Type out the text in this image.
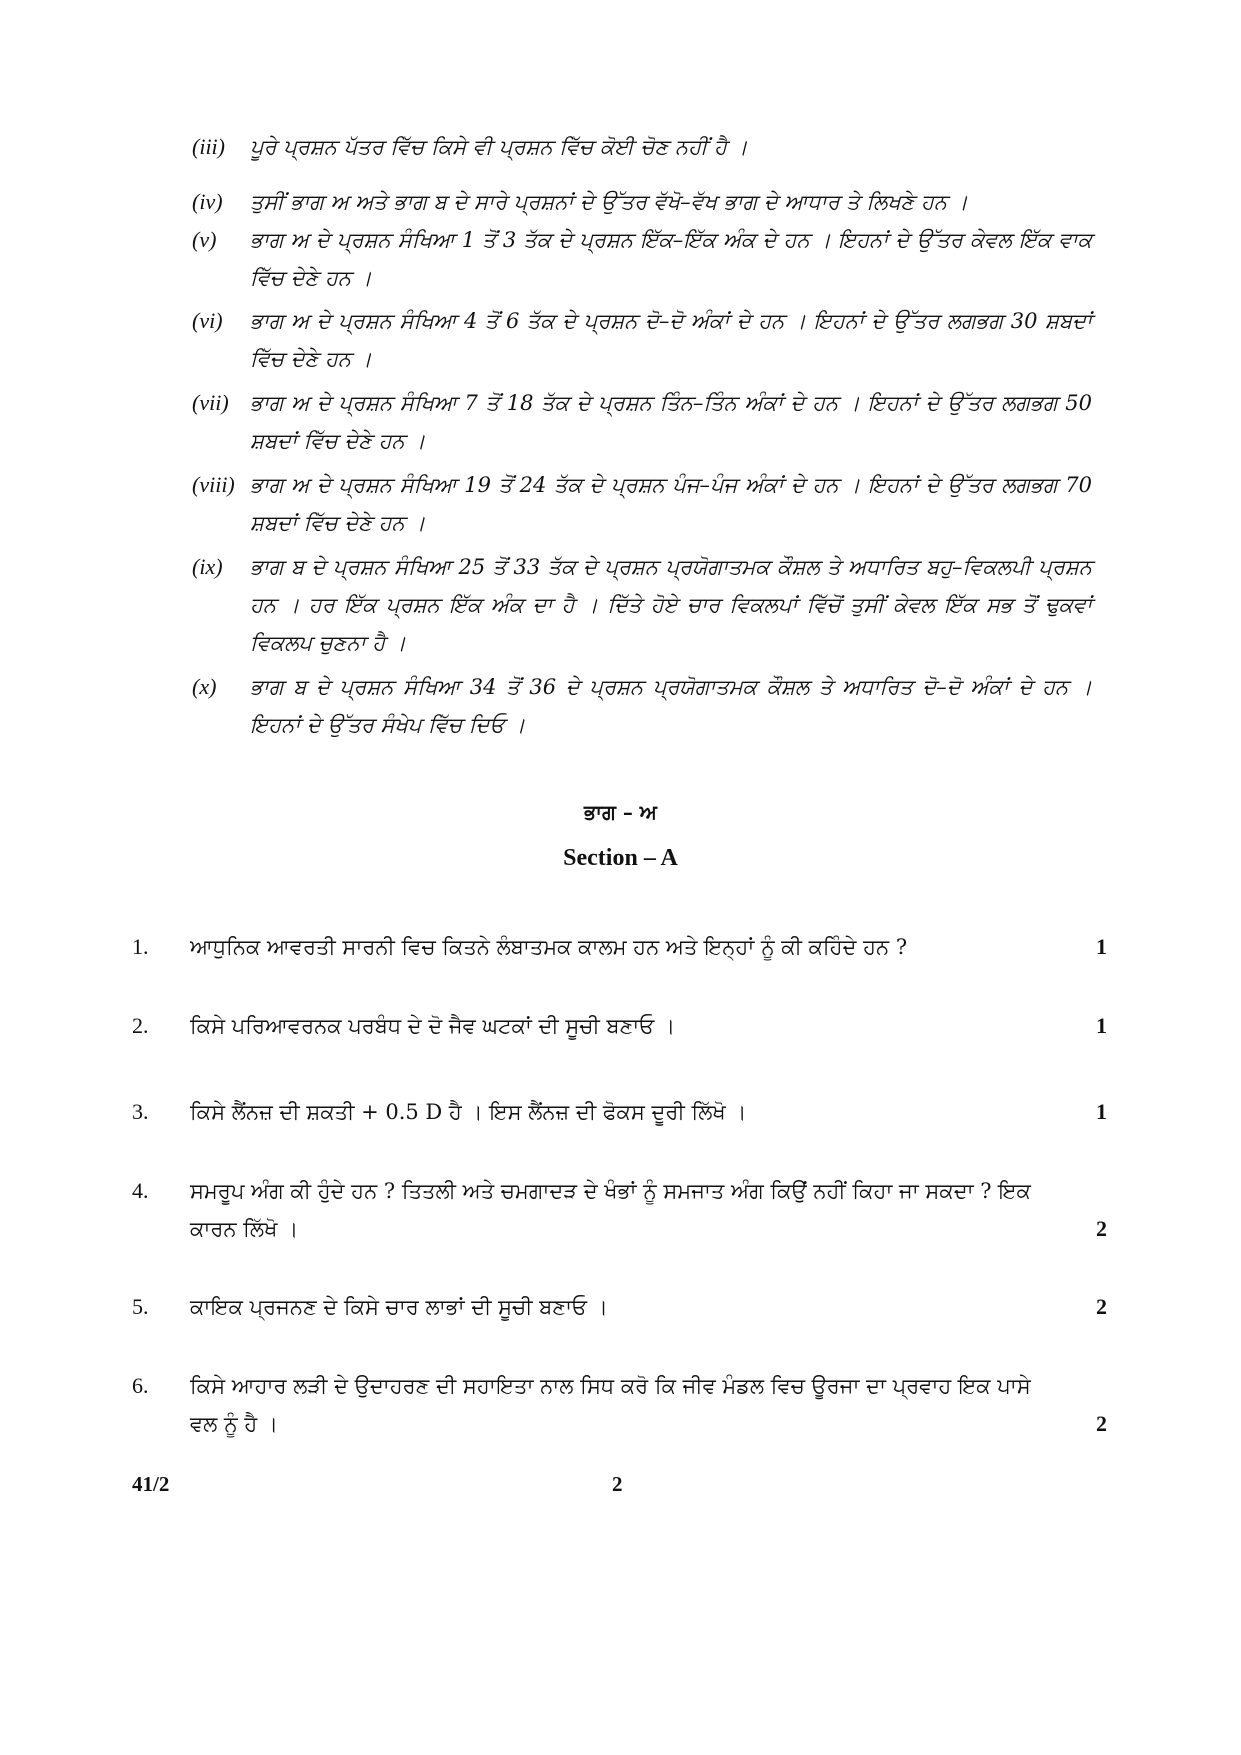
(iii) ਪੂਰੇ ਪ੍ਰਸ਼ਨ ਪੱਤਰ ਵਿੱਚ ਕਿਸੇ ਵੀ ਪ੍ਰਸ਼ਨ ਵਿੱਚ ਕੋਈ ਚੋਣ ਨਹੀਂ ਹੈ ।
(iv) ਤੁਸੀਂ ਭਾਗ ਅ ਅਤੇ ਭਾਗ ਬ ਦੇ ਸਾਰੇ ਪ੍ਰਸ਼ਨਾਂ ਦੇ ਉੱਤਰ ਵੱਖੋ–ਵੱਖ ਭਾਗ ਦੇ ਆਧਾਰ ਤੇ ਲਿਖਣੇ ਹਨ ।
(v) ਭਾਗ ਅ ਦੇ ਪ੍ਰਸ਼ਨ ਸੰਖਿਆ 1 ਤੋਂ 3 ਤੱਕ ਦੇ ਪ੍ਰਸ਼ਨ ਇੱਕ–ਇੱਕ ਅੰਕ ਦੇ ਹਨ । ਇਹਨਾਂ ਦੇ ਉੱਤਰ ਕੇਵਲ ਇੱਕ ਵਾਕ ਵਿੱਚ ਦੇਣੇ ਹਨ ।
(vi) ਭਾਗ ਅ ਦੇ ਪ੍ਰਸ਼ਨ ਸੰਖਿਆ 4 ਤੋਂ 6 ਤੱਕ ਦੇ ਪ੍ਰਸ਼ਨ ਦੋ–ਦੋ ਅੰਕਾਂ ਦੇ ਹਨ । ਇਹਨਾਂ ਦੇ ਉੱਤਰ ਲਗਭਗ 30 ਸ਼ਬਦਾਂ ਵਿੱਚ ਦੇਣੇ ਹਨ ।
(vii) ਭਾਗ ਅ ਦੇ ਪ੍ਰਸ਼ਨ ਸੰਖਿਆ 7 ਤੋਂ 18 ਤੱਕ ਦੇ ਪ੍ਰਸ਼ਨ ਤਿੰਨ–ਤਿੰਨ ਅੰਕਾਂ ਦੇ ਹਨ । ਇਹਨਾਂ ਦੇ ਉੱਤਰ ਲਗਭਗ 50 ਸ਼ਬਦਾਂ ਵਿੱਚ ਦੇਣੇ ਹਨ ।
(viii) ਭਾਗ ਅ ਦੇ ਪ੍ਰਸ਼ਨ ਸੰਖਿਆ 19 ਤੋਂ 24 ਤੱਕ ਦੇ ਪ੍ਰਸ਼ਨ ਪੰਜ–ਪੰਜ ਅੰਕਾਂ ਦੇ ਹਨ । ਇਹਨਾਂ ਦੇ ਉੱਤਰ ਲਗਭਗ 70 ਸ਼ਬਦਾਂ ਵਿੱਚ ਦੇਣੇ ਹਨ ।
(ix) ਭਾਗ ਬ ਦੇ ਪ੍ਰਸ਼ਨ ਸੰਖਿਆ 25 ਤੋਂ 33 ਤੱਕ ਦੇ ਪ੍ਰਸ਼ਨ ਪ੍ਰਯੋਗਾਤਮਕ ਕੌਸ਼ਲ ਤੇ ਅਧਾਰਿਤ ਬਹੁ–ਵਿਕਲਪੀ ਪ੍ਰਸ਼ਨ ਹਨ । ਹਰ ਇੱਕ ਪ੍ਰਸ਼ਨ ਇੱਕ ਅੰਕ ਦਾ ਹੈ । ਦਿੱਤੇ ਹੋਏ ਚਾਰ ਵਿਕਲਪਾਂ ਵਿੱਚੋਂ ਤੁਸੀਂ ਕੇਵਲ ਇੱਕ ਸਭ ਤੋਂ ਢੁਕਵਾਂ ਵਿਕਲਪ ਚੁਣਨਾ ਹੈ ।
(x) ਭਾਗ ਬ ਦੇ ਪ੍ਰਸ਼ਨ ਸੰਖਿਆ 34 ਤੋਂ 36 ਦੇ ਪ੍ਰਸ਼ਨ ਪ੍ਰਯੋਗਾਤਮਕ ਕੌਸ਼ਲ ਤੇ ਅਧਾਰਿਤ ਦੋ–ਦੋ ਅੰਕਾਂ ਦੇ ਹਨ । ਇਹਨਾਂ ਦੇ ਉੱਤਰ ਸੰਖੇਪ ਵਿੱਚ ਦਿਓ ।
ਭਾਗ – ਅ
Section – A
1. ਆਧੁਨਿਕ ਆਵਰਤੀ ਸਾਰਨੀ ਵਿਚ ਕਿਤਨੇ ਲੰਬਾਤਮਕ ਕਾਲਮ ਹਨ ਅਤੇ ਇਨ੍ਹਾਂ ਨੂੰ ਕੀ ਕਹਿੰਦੇ ਹਨ ?	1
2. ਕਿਸੇ ਪਰਿਆਵਰਨਕ ਪਰਬੰਧ ਦੇ ਦੋ ਜੈਵ ਘਟਕਾਂ ਦੀ ਸੂਚੀ ਬਣਾਓ ।	1
3. ਕਿਸੇ ਲੈਂਨਜ਼ ਦੀ ਸ਼ਕਤੀ + 0.5 D ਹੈ । ਇਸ ਲੈਂਨਜ਼ ਦੀ ਫੋਕਸ ਦੂਰੀ ਲਿੱਖੋ ।	1
4. ਸਮਰੂਪ ਅੰਗ ਕੀ ਹੁੰਦੇ ਹਨ ? ਤਿਤਲੀ ਅਤੇ ਚਮਗਾਦੜ ਦੇ ਖੰਭਾਂ ਨੂੰ ਸਮਜਾਤ ਅੰਗ ਕਿਉਂ ਨਹੀਂ ਕਿਹਾ ਜਾ ਸਕਦਾ ? ਇਕ ਕਾਰਨ ਲਿੱਖੋ ।	2
5. ਕਾਇਕ ਪ੍ਰਜਨਣ ਦੇ ਕਿਸੇ ਚਾਰ ਲਾਭਾਂ ਦੀ ਸੂਚੀ ਬਣਾਓ ।	2
6. ਕਿਸੇ ਆਹਾਰ ਲੜੀ ਦੇ ਉਦਾਹਰਣ ਦੀ ਸਹਾਇਤਾ ਨਾਲ ਸਿਧ ਕਰੋ ਕਿ ਜੀਵ ਮੰਡਲ ਵਿਚ ਊਰਜਾ ਦਾ ਪ੍ਰਵਾਹ ਇਕ ਪਾਸੇ ਵਲ ਨੂੰ ਹੈ ।	2
41/2	2
